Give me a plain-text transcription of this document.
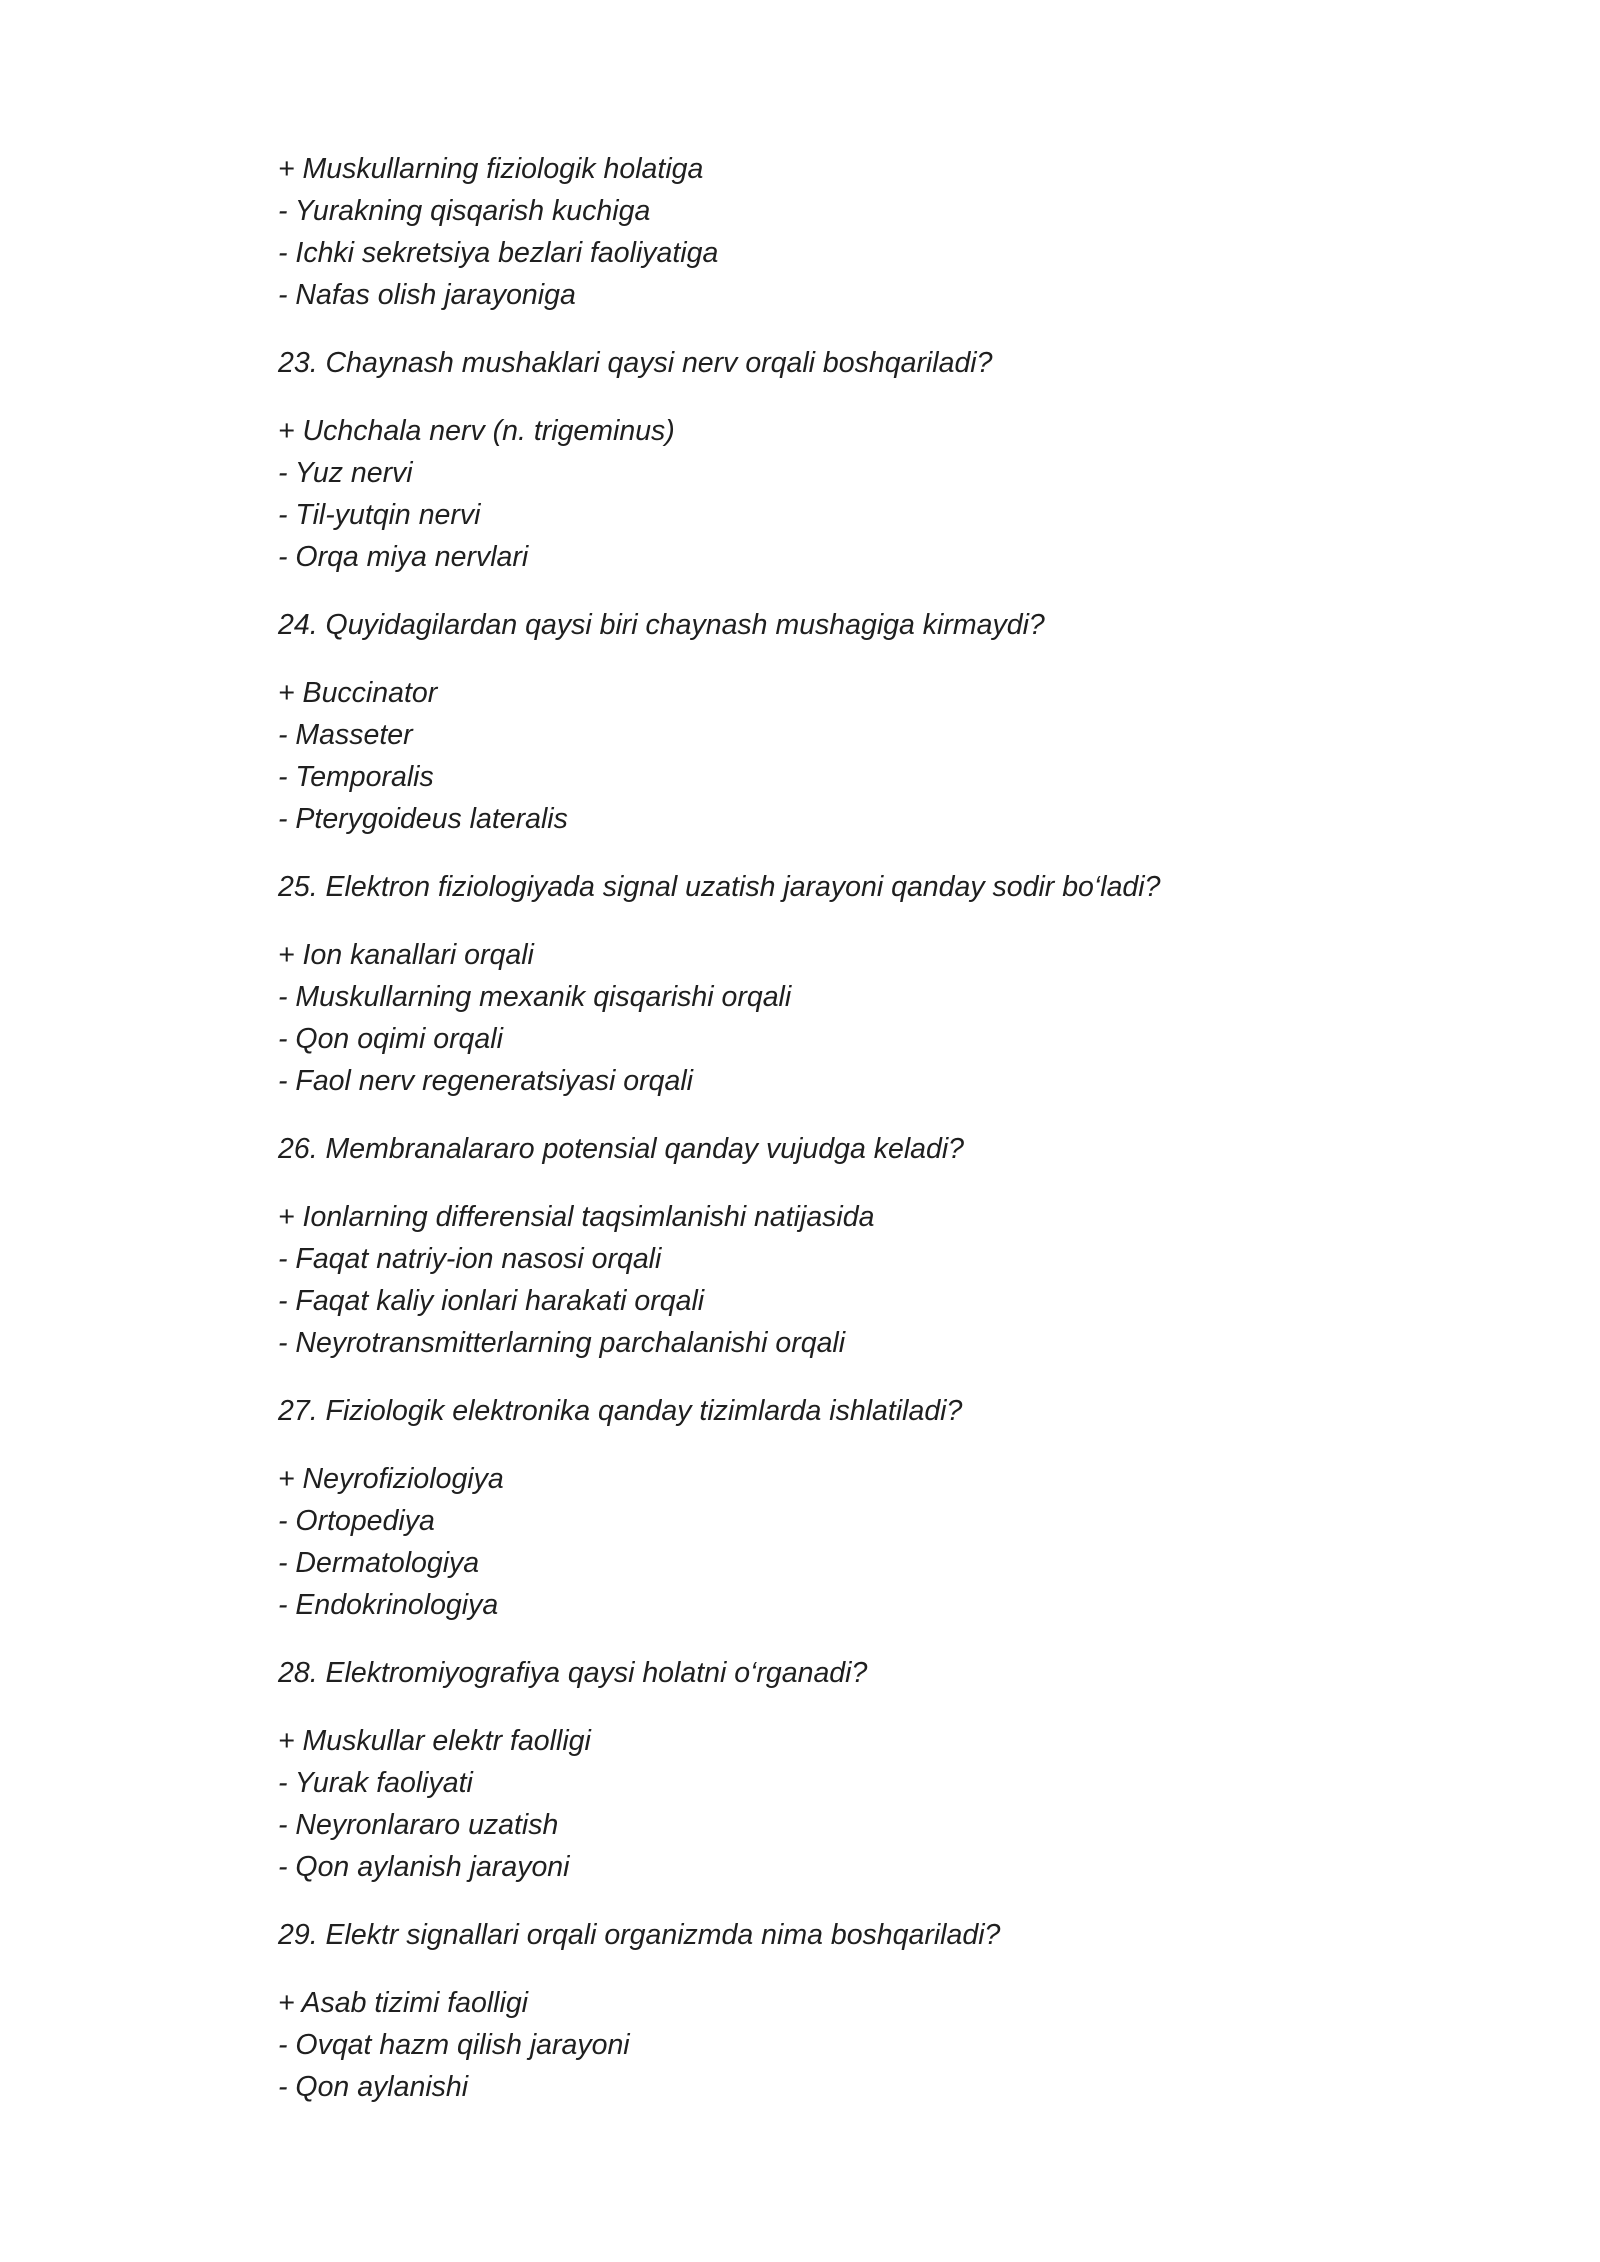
+ Muskullarning fiziologik holatiga
- Yurakning qisqarish kuchiga
- Ichki sekretsiya bezlari faoliyatiga
- Nafas olish jarayoniga
23. Chaynash mushaklari qaysi nerv orqali boshqariladi?
+ Uchchala nerv (n. trigeminus)
- Yuz nervi
- Til-yutqin nervi
- Orqa miya nervlari
24. Quyidagilardan qaysi biri chaynash mushagiga kirmaydi?
+ Buccinator
- Masseter
- Temporalis
- Pterygoideus lateralis
25. Elektron fiziologiyada signal uzatish jarayoni qanday sodir bo‘ladi?
+ Ion kanallari orqali
- Muskullarning mexanik qisqarishi orqali
- Qon oqimi orqali
- Faol nerv regeneratsiyasi orqali
26. Membranalararo potensial qanday vujudga keladi?
+ Ionlarning differensial taqsimlanishi natijasida
- Faqat natriy-ion nasosi orqali
- Faqat kaliy ionlari harakati orqali
- Neyrotransmitterlarning parchalanishi orqali
27. Fiziologik elektronika qanday tizimlarda ishlatiladi?
+ Neyrofiziologiya
- Ortopediya
- Dermatologiya
- Endokrinologiya
28. Elektromiyografiya qaysi holatni o‘rganadi?
+ Muskullar elektr faolligi
- Yurak faoliyati
- Neyronlararo uzatish
- Qon aylanish jarayoni
29. Elektr signallari orqali organizmda nima boshqariladi?
+ Asab tizimi faolligi
- Ovqat hazm qilish jarayoni
- Qon aylanishi
